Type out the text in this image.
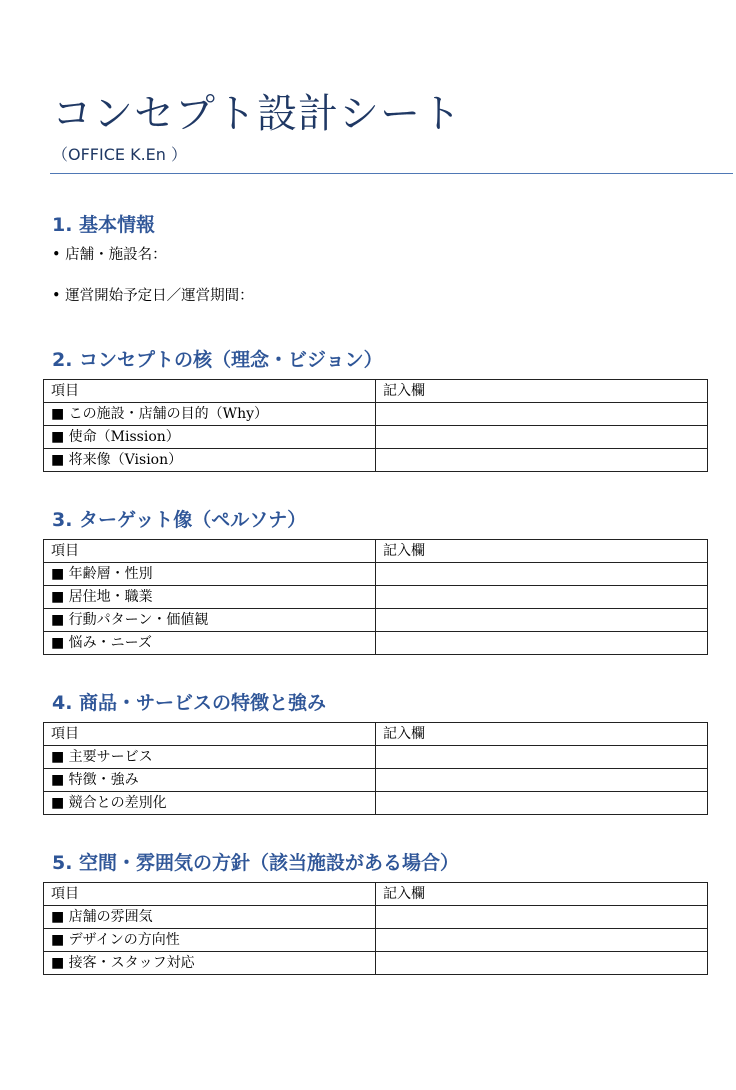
コンセプト設計シート

（OFFICE K.En ）

1. 基本情報

• 店舗・施設名：

• 運営開始予定日／運営期間：

2. コンセプトの核（理念・ビジョン）
項目	記入欄
■ この施設・店舗の目的（Why）	
■ 使命（Mission）	
■ 将来像（Vision）	
3. ターゲット像（ペルソナ）
項目	記入欄
■ 年齢層・性別	
■ 居住地・職業	
■ 行動パターン・価値観	
■ 悩み・ニーズ	
4. 商品・サービスの特徴と強み
項目	記入欄
■ 主要サービス	
■ 特徴・強み	
■ 競合との差別化	
5. 空間・雰囲気の方針（該当施設がある場合）
項目	記入欄
■ 店舗の雰囲気	
■ デザインの方向性	
■ 接客・スタッフ対応	
